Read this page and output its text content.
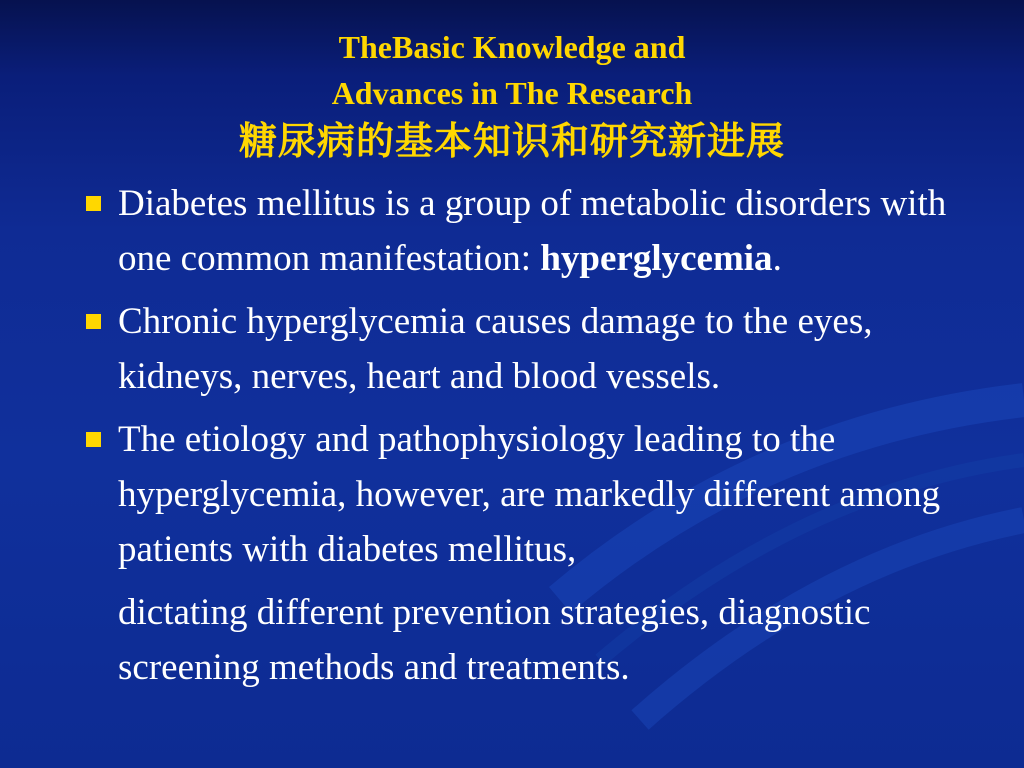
TheBasic Knowledge and
Advances in The Research
糖尿病的基本知识和研究新进展
Diabetes mellitus is a group of metabolic disorders with one common manifestation: hyperglycemia.
Chronic hyperglycemia causes damage to the eyes, kidneys, nerves, heart and blood vessels.
The etiology and pathophysiology leading to the hyperglycemia, however, are markedly different among patients with diabetes mellitus,
dictating different prevention strategies, diagnostic screening methods and treatments.
